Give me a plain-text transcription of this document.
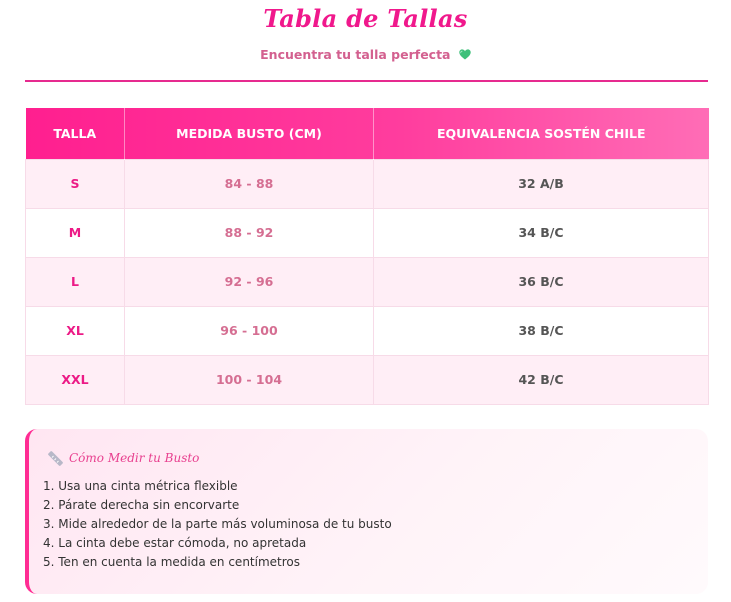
Tabla de Tallas
Encuentra tu talla perfecta
TALLA	MEDIDA BUSTO (CM)	EQUIVALENCIA SOSTÉN CHILE
S	84 - 88	32 A/B
M	88 - 92	34 B/C
L	92 - 96	36 B/C
XL	96 - 100	38 B/C
XXL	100 - 104	42 B/C
Cómo Medir tu Busto
1. Usa una cinta métrica flexible
2. Párate derecha sin encorvarte
3. Mide alrededor de la parte más voluminosa de tu busto
4. La cinta debe estar cómoda, no apretada
5. Ten en cuenta la medida en centímetros
